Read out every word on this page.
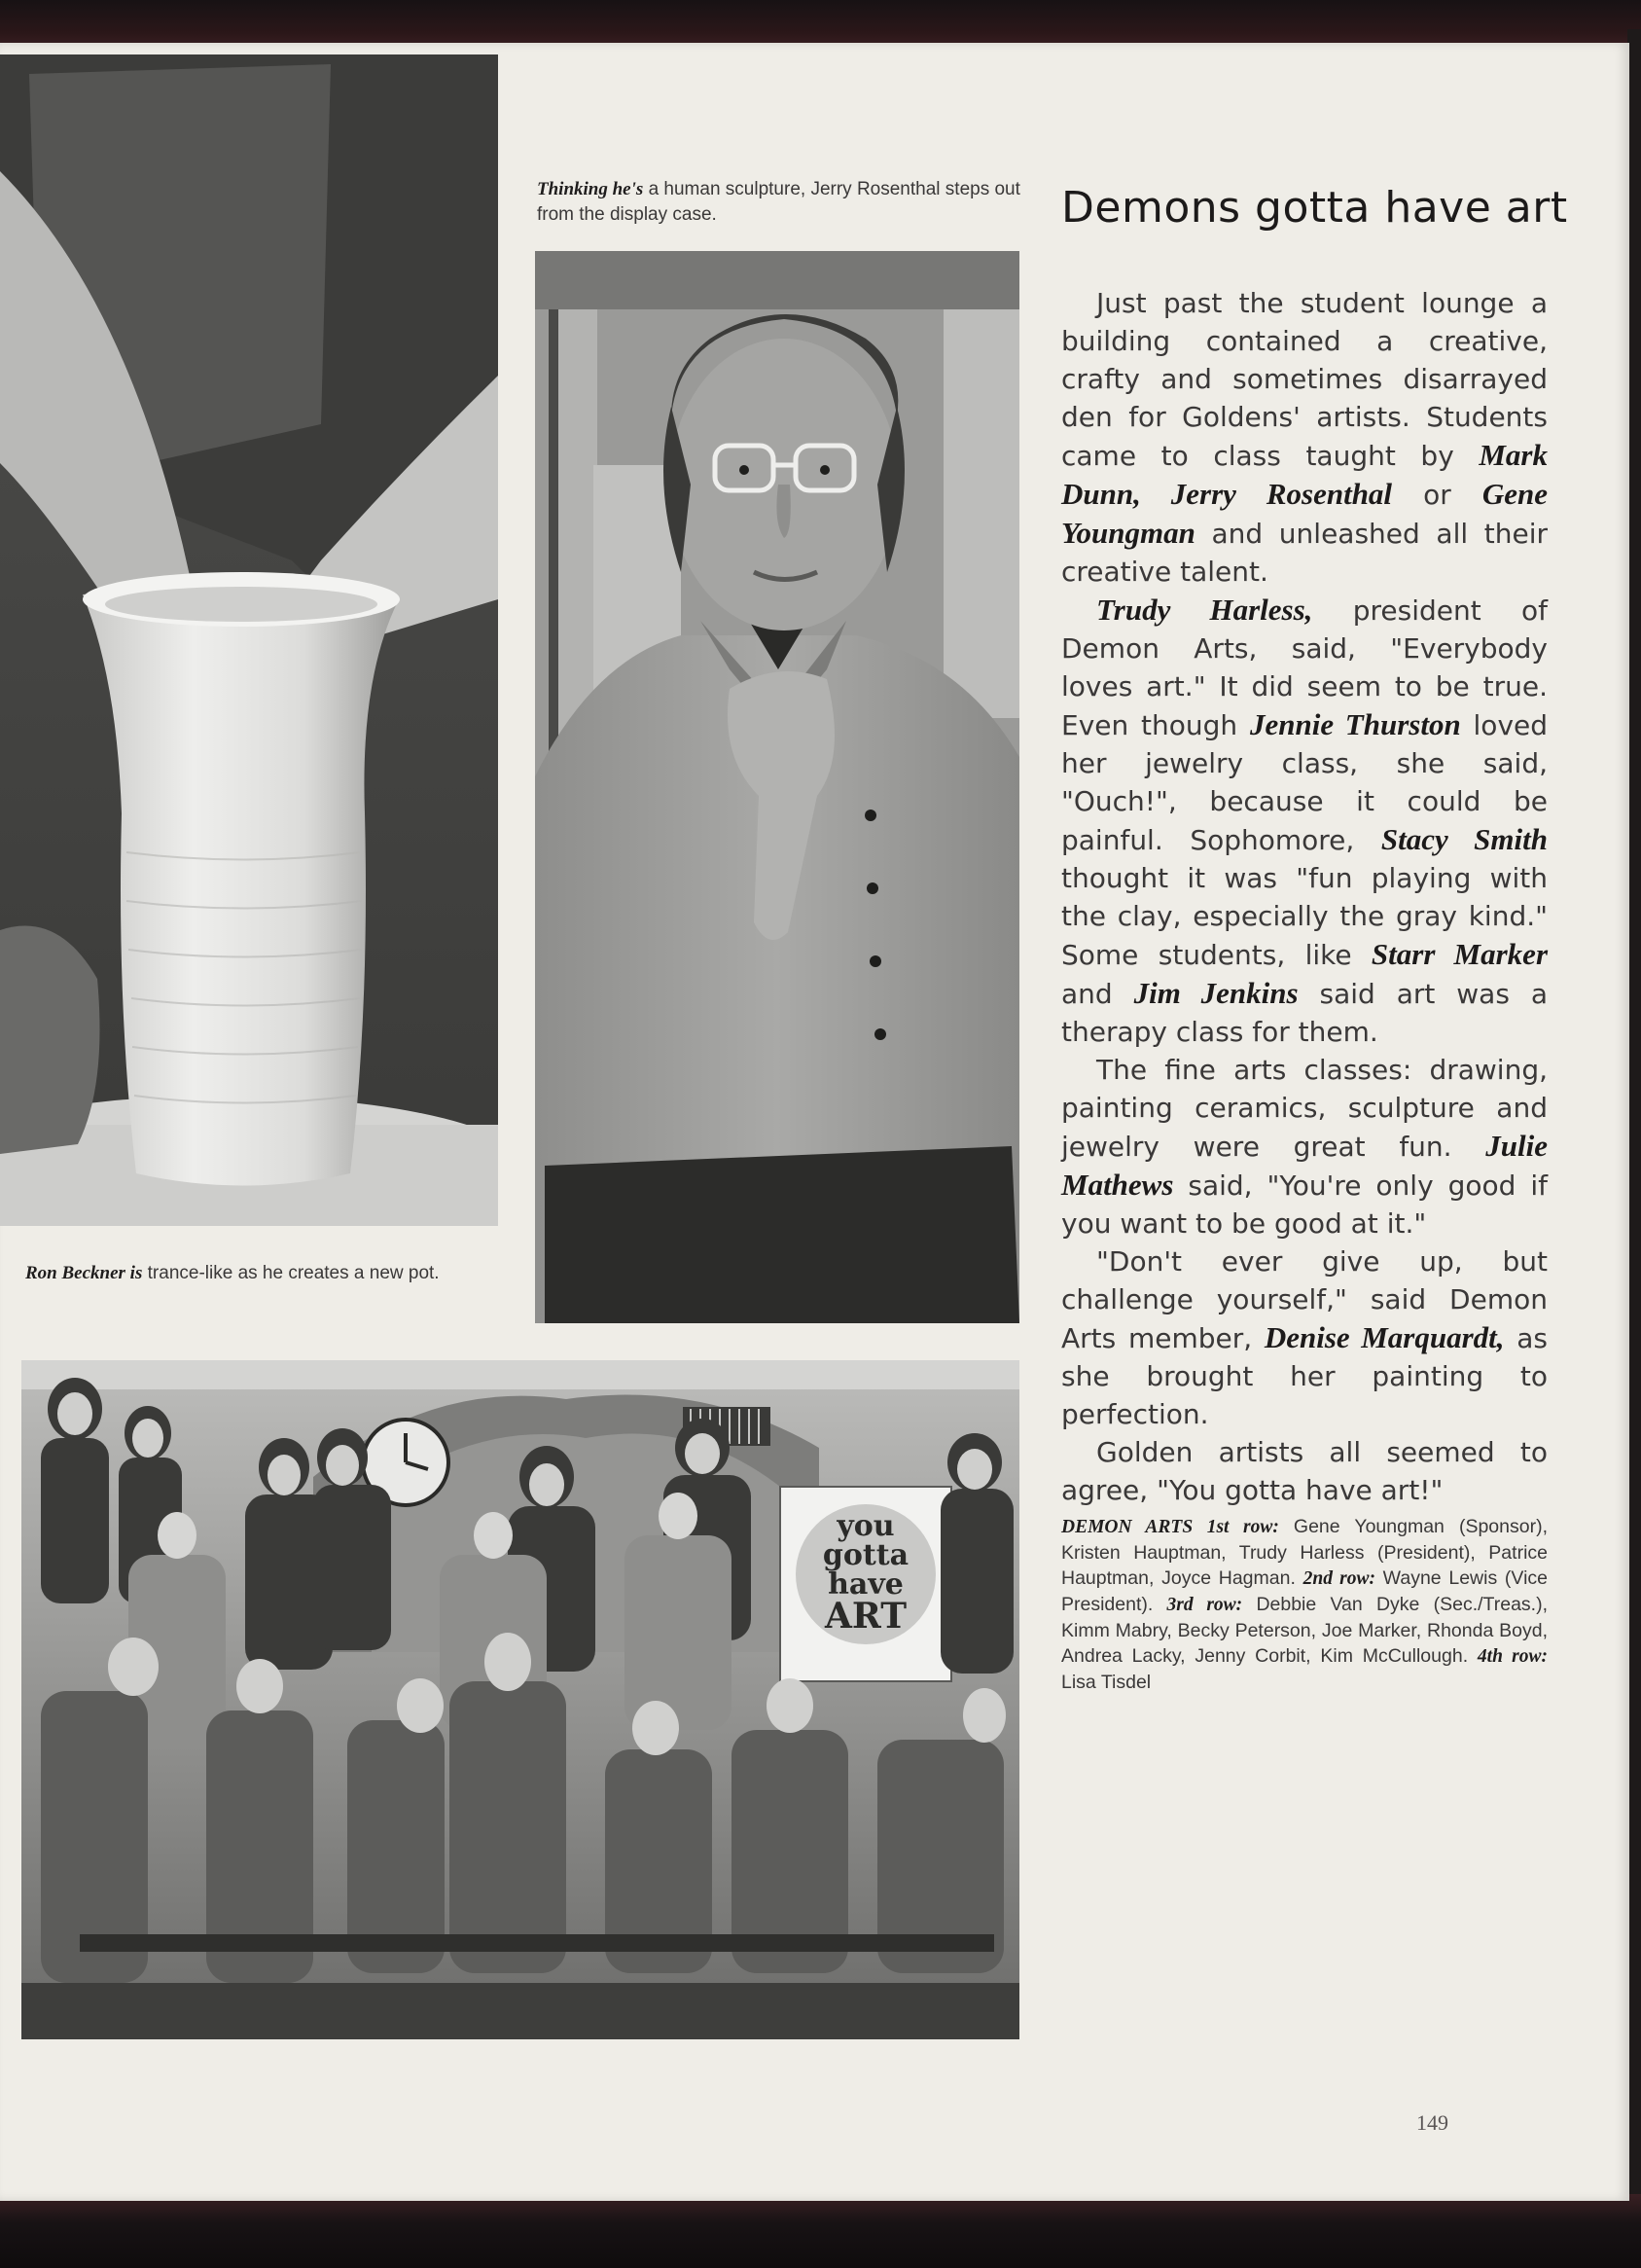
Ron Beckner is trance-like as he creates a new pot.
Thinking he's a human sculpture, Jerry Rosenthal steps out from the display case.	Demons gotta have art

Just past the student lounge a building contained a creative, crafty and sometimes disarrayed den for Goldens' artists. Students came to class taught by Mark Dunn, Jerry Rosenthal or Gene Youngman and unleashed all their creative talent.

Trudy Harless, president of Demon Arts, said, "Everybody loves art." It did seem to be true. Even though Jennie Thurston loved her jewelry class, she said, "Ouch!", because it could be painful. Sophomore, Stacy Smith thought it was "fun playing with the clay, especially the gray kind." Some students, like Starr Marker and Jim Jenkins said art was a therapy class for them.

The fine arts classes: drawing, painting ceramics, sculpture and jewelry were great fun. Julie Mathews said, "You're only good if you want to be good at it."

"Don't ever give up, but challenge yourself," said Demon Arts member, Denise Marquardt, as she brought her painting to perfection.

Golden artists all seemed to agree, "You gotta have art!"

DEMON ARTS 1st row: Gene Youngman (Sponsor), Kristen Hauptman, Trudy Harless (President), Patrice Hauptman, Joyce Hagman. 2nd row: Wayne Lewis (Vice President). 3rd row: Debbie Van Dyke (Sec./Treas.), Kimm Mabry, Becky Peterson, Joe Marker, Rhonda Boyd, Andrea Lacky, Jenny Corbit, Kim McCullough. 4th row: Lisa Tisdel
you
gotta
have
ART
149
